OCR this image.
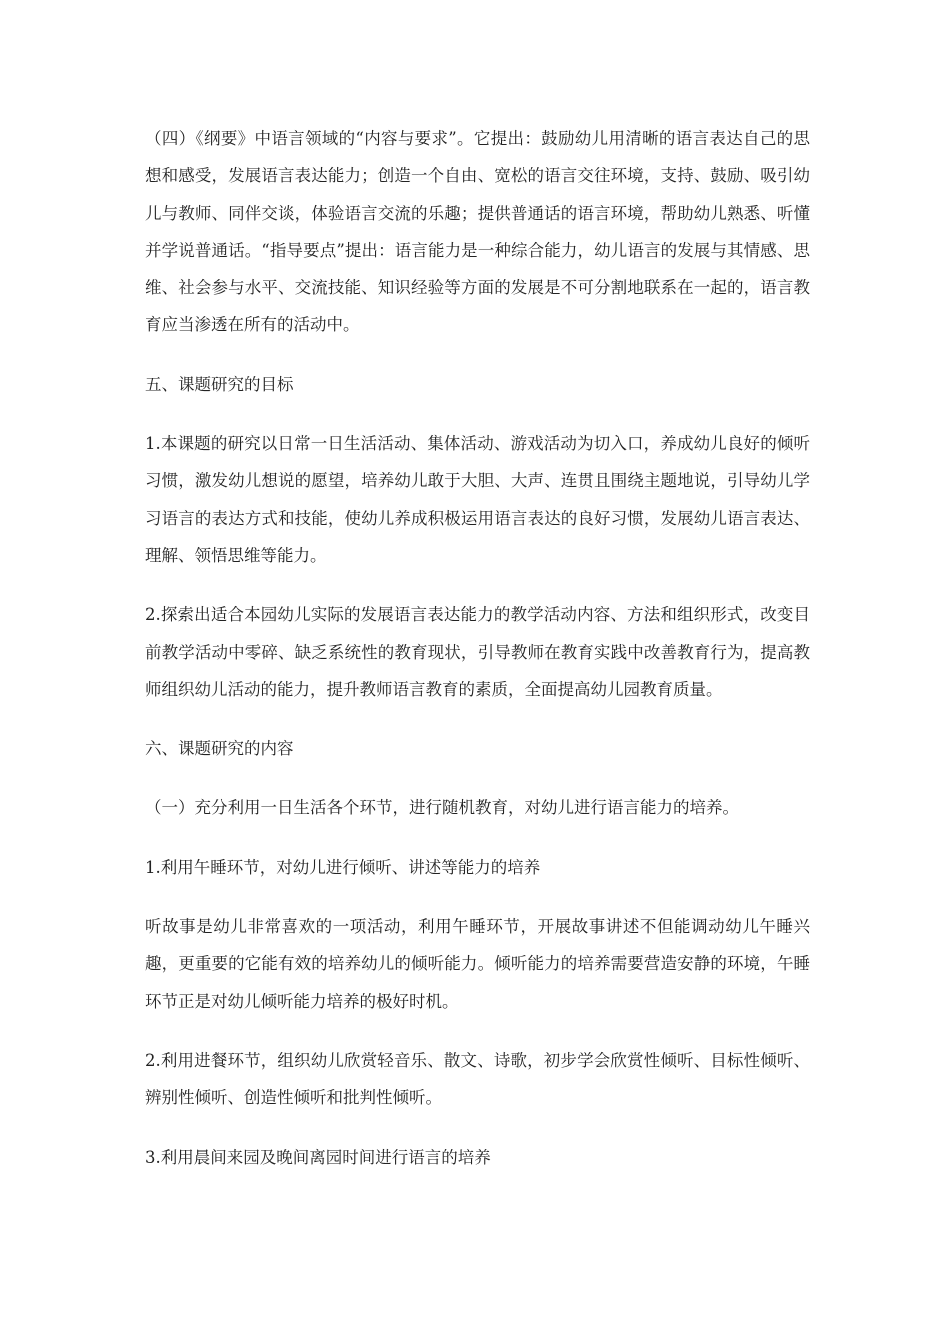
（四）《纲要》中语言领域的“内容与要求”。它提出：鼓励幼儿用清晰的语言表达自己的思想和感受，发展语言表达能力；创造一个自由、宽松的语言交往环境，支持、鼓励、吸引幼儿与教师、同伴交谈，体验语言交流的乐趣；提供普通话的语言环境，帮助幼儿熟悉、听懂并学说普通话。“指导要点”提出：语言能力是一种综合能力，幼儿语言的发展与其情感、思维、社会参与水平、交流技能、知识经验等方面的发展是不可分割地联系在一起的，语言教育应当渗透在所有的活动中。

五、课题研究的目标

1.本课题的研究以日常一日生活活动、集体活动、游戏活动为切入口，养成幼儿良好的倾听习惯，激发幼儿想说的愿望，培养幼儿敢于大胆、大声、连贯且围绕主题地说，引导幼儿学习语言的表达方式和技能，使幼儿养成积极运用语言表达的良好习惯，发展幼儿语言表达、理解、领悟思维等能力。

2.探索出适合本园幼儿实际的发展语言表达能力的教学活动内容、方法和组织形式，改变目前教学活动中零碎、缺乏系统性的教育现状，引导教师在教育实践中改善教育行为，提高教师组织幼儿活动的能力，提升教师语言教育的素质，全面提高幼儿园教育质量。

六、课题研究的内容

（一）充分利用一日生活各个环节，进行随机教育，对幼儿进行语言能力的培养。

1.利用午睡环节，对幼儿进行倾听、讲述等能力的培养

听故事是幼儿非常喜欢的一项活动，利用午睡环节，开展故事讲述不但能调动幼儿午睡兴趣，更重要的它能有效的培养幼儿的倾听能力。倾听能力的培养需要营造安静的环境，午睡环节正是对幼儿倾听能力培养的极好时机。

2.利用进餐环节，组织幼儿欣赏轻音乐、散文、诗歌，初步学会欣赏性倾听、目标性倾听、辨别性倾听、创造性倾听和批判性倾听。

3.利用晨间来园及晚间离园时间进行语言的培养
